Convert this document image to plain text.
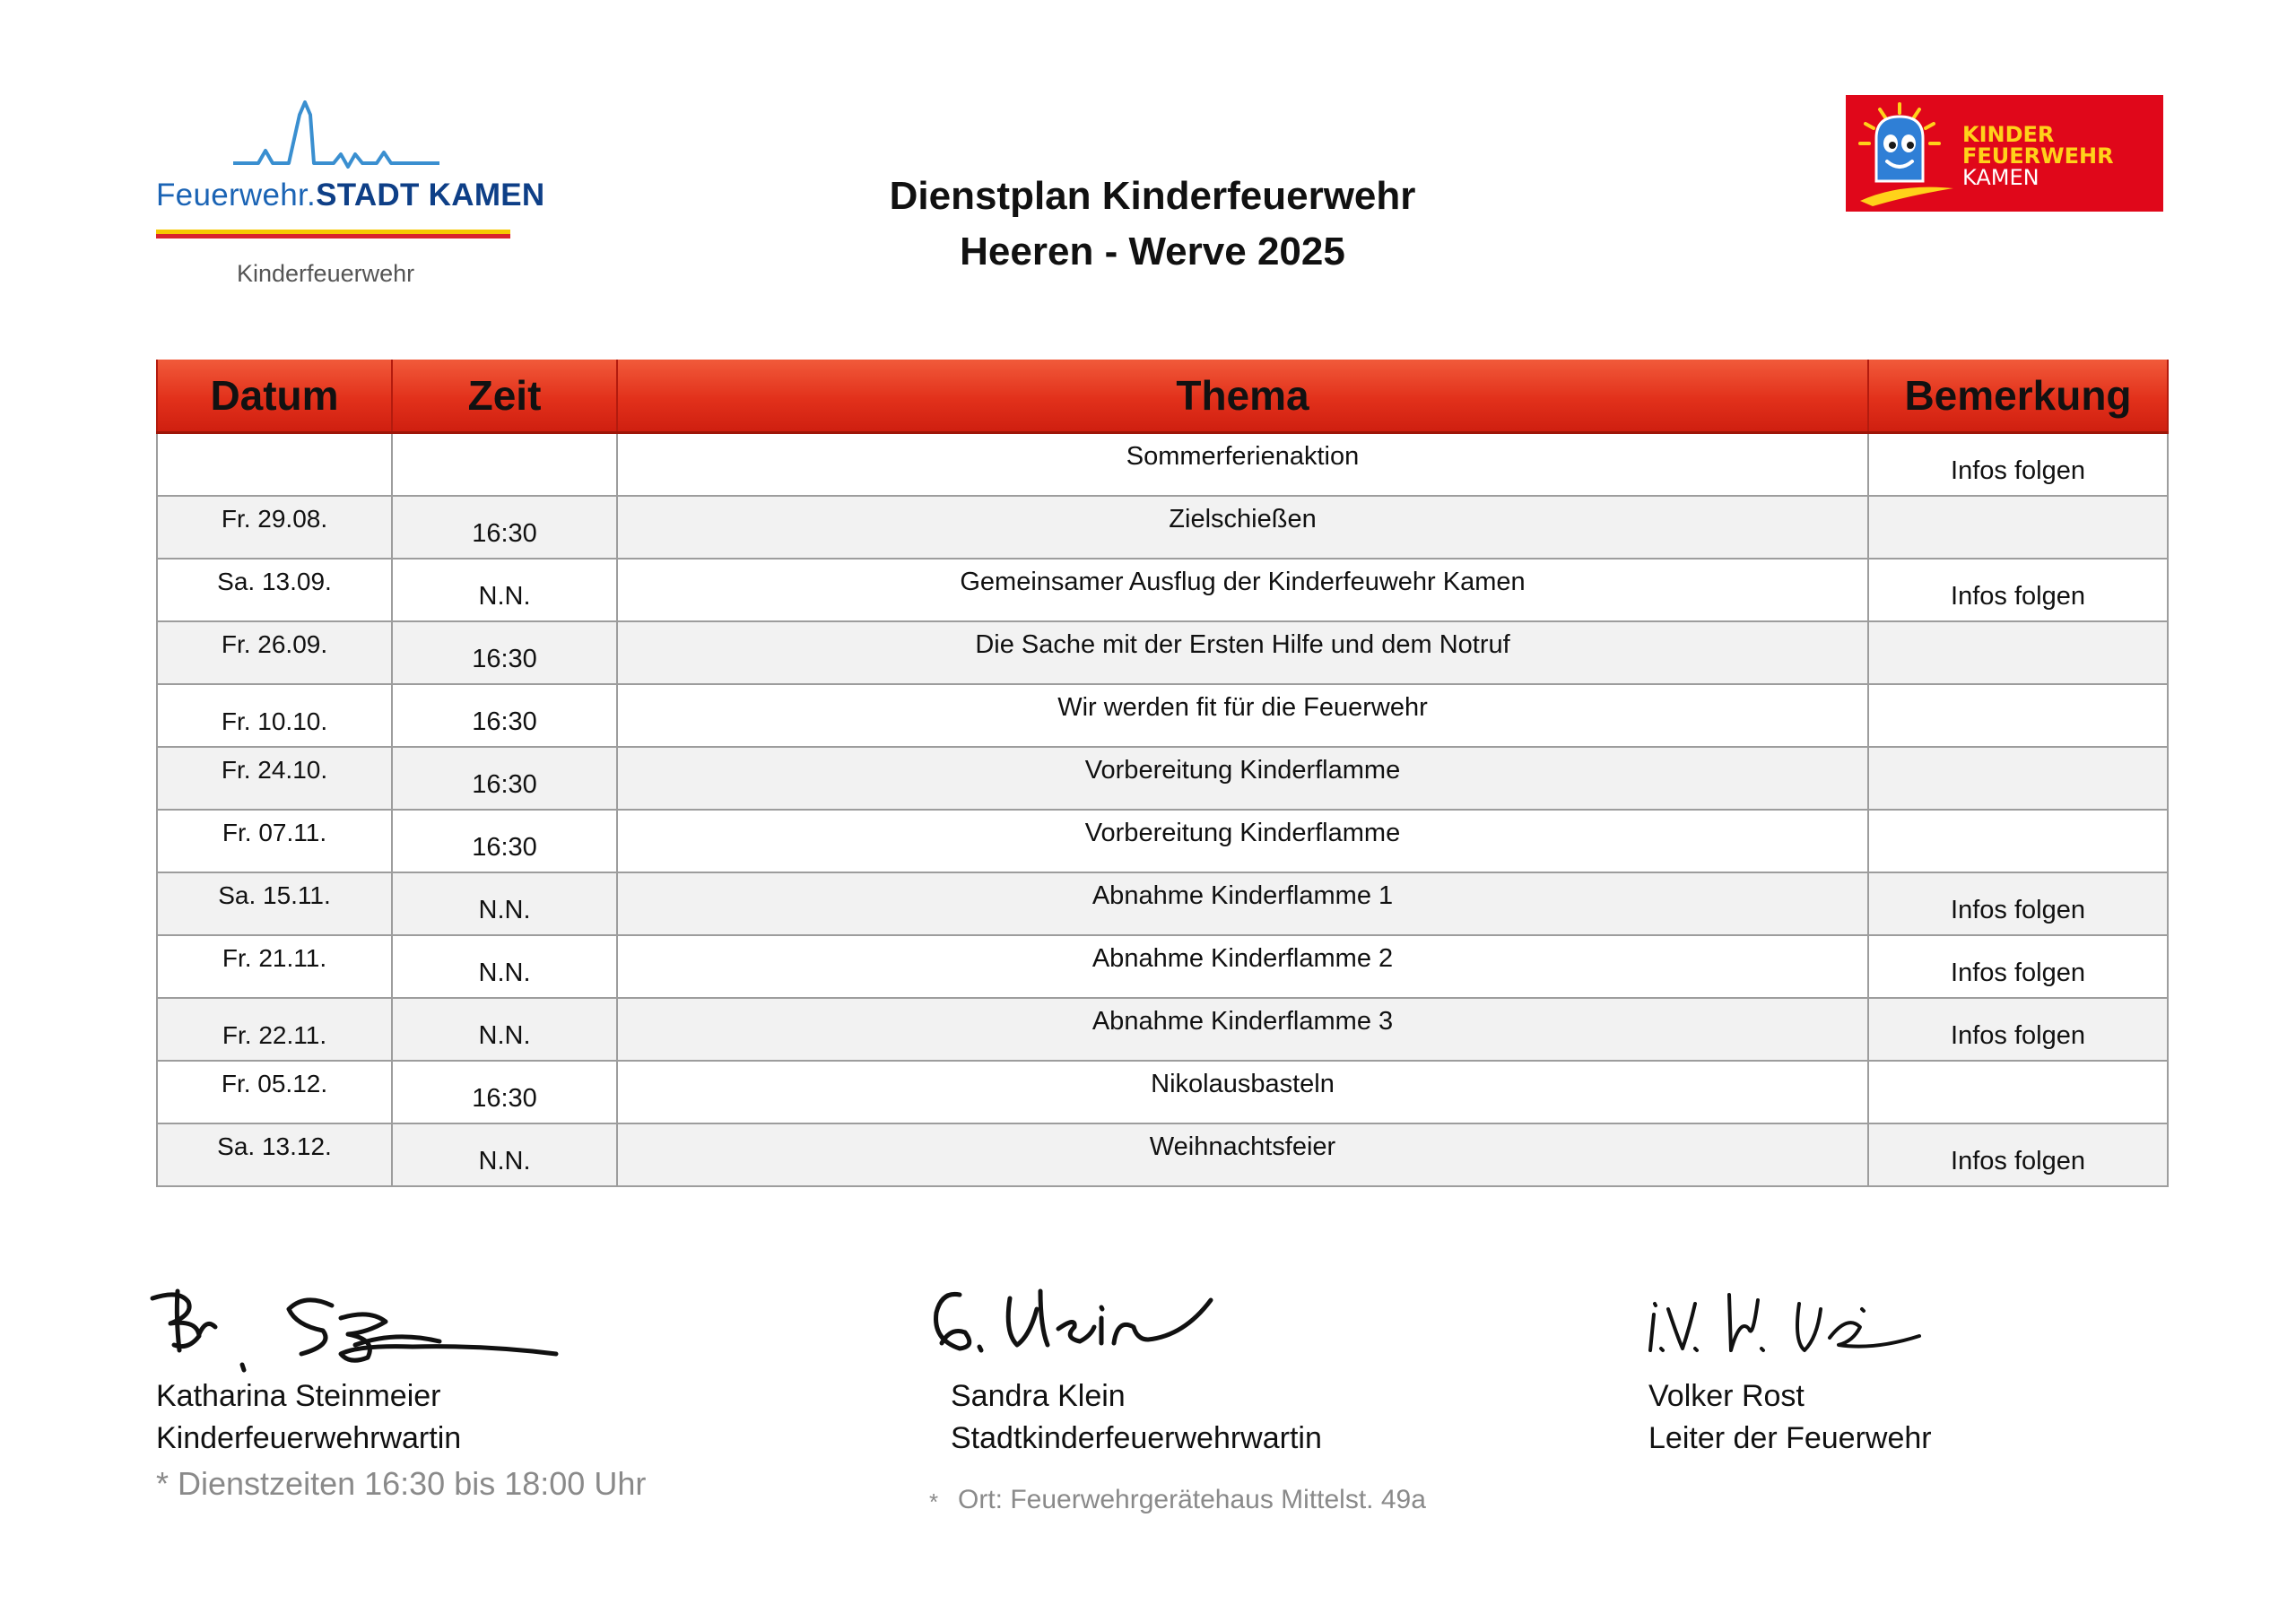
Feuerwehr.STADT KAMEN
Kinderfeuerwehr
KINDER
FEUERWEHR
KAMEN
Dienstplan Kinderfeuerwehr
Heeren - Werve 2025
Datum	Zeit	Thema	Bemerkung

		Sommerferienaktion	Infos folgen

Fr. 29.08.	16:30	Zielschießen	

Sa. 13.09.	N.N.	Gemeinsamer Ausflug der Kinderfeuwehr Kamen	Infos folgen

Fr. 26.09.	16:30	Die Sache mit der Ersten Hilfe und dem Notruf	

Fr. 10.10.	16:30	Wir werden fit für die Feuerwehr	

Fr. 24.10.	16:30	Vorbereitung Kinderflamme	

Fr. 07.11.	16:30	Vorbereitung Kinderflamme	

Sa. 15.11.	N.N.	Abnahme Kinderflamme 1	Infos folgen

Fr. 21.11.	N.N.	Abnahme Kinderflamme 2	Infos folgen

Fr. 22.11.	N.N.	Abnahme Kinderflamme 3	Infos folgen

Fr. 05.12.	16:30	Nikolausbasteln	

Sa. 13.12.	N.N.	Weihnachtsfeier	Infos folgen
Katharina Steinmeier
Kinderfeuerwehrwartin
* Dienstzeiten 16:30 bis 18:00 Uhr
Sandra Klein
Stadtkinderfeuerwehrwartin
* Ort: Feuerwehrgerätehaus Mittelst. 49a
Volker Rost
Leiter der Feuerwehr
